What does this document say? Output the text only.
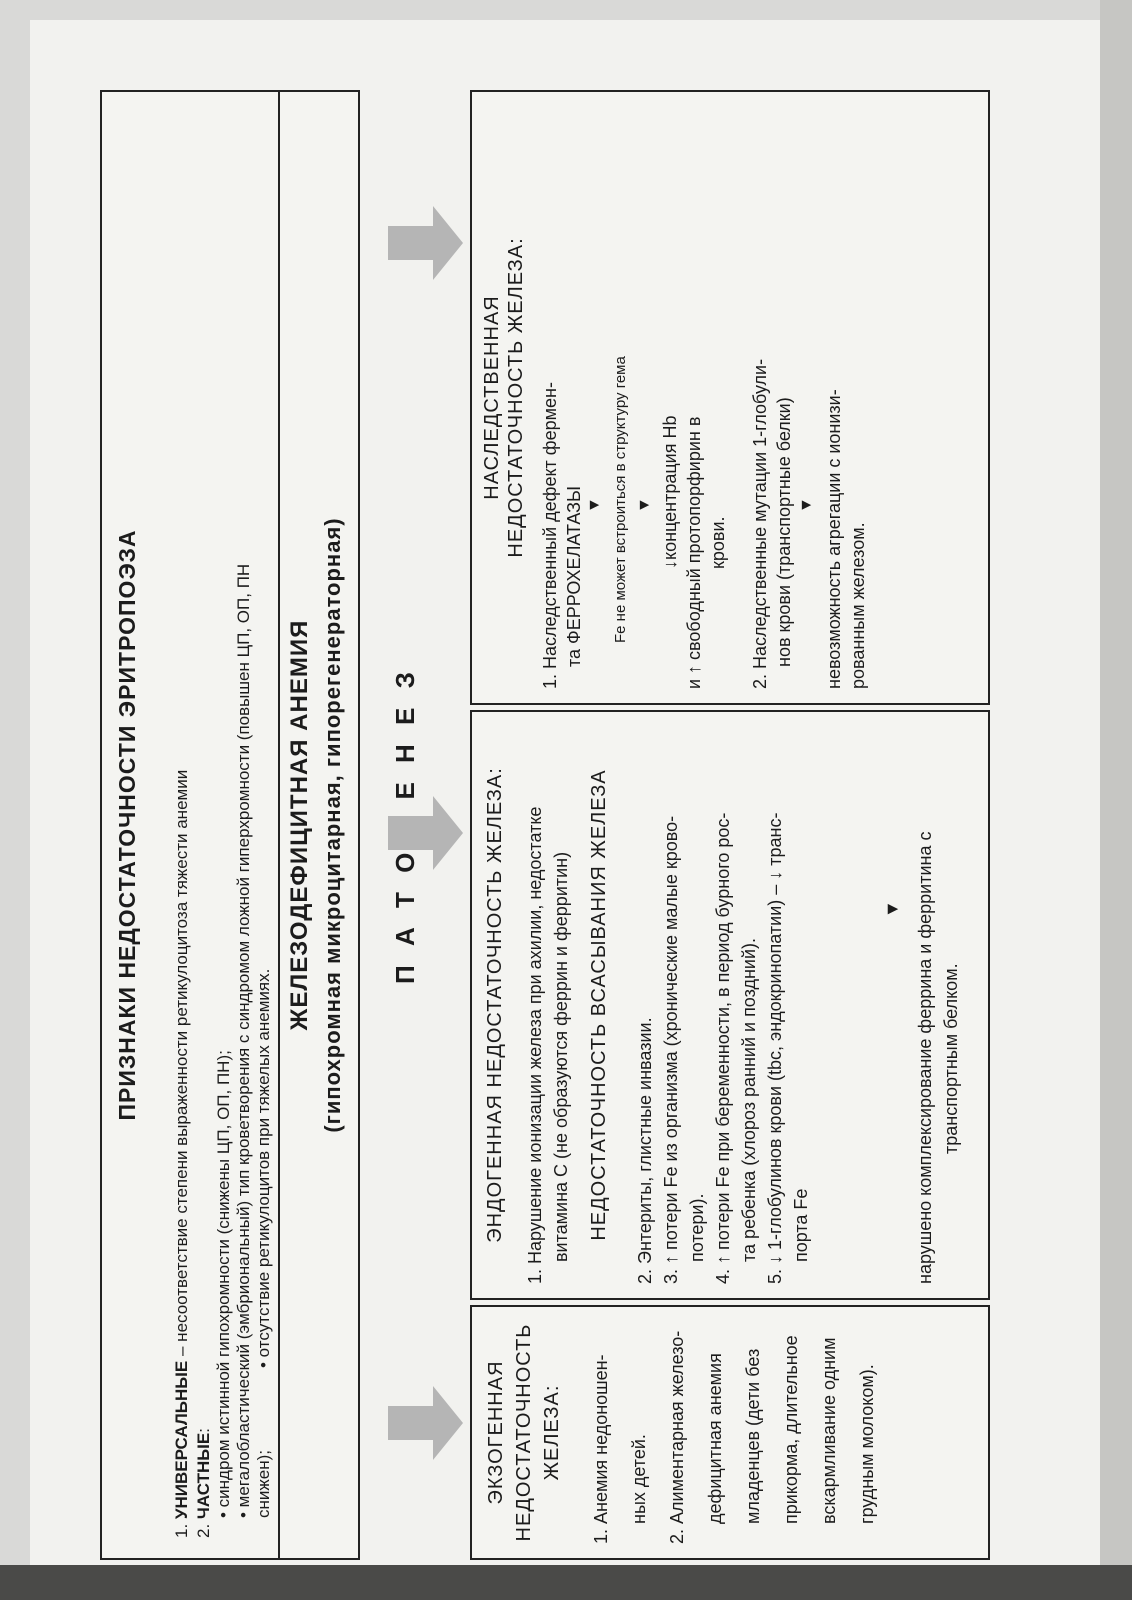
ПРИЗНАКИ НЕДОСТАТОЧНОСТИ ЭРИТРОПОЭЗА
1. УНИВЕРСАЛЬНЫЕ – несоответствие степени выраженности ретикулоцитоза тяжести анемии
2. ЧАСТНЫЕ: • синдром истинной гипохромности (снижены ЦП, ОП, ПН); • мегалобластический (эмбриональный) тип кроветворения с синдромом ложной гиперхромности (повышен ЦП, ОП, ПН снижен);
• отсутствие ретикулоцитов при тяжелых анемиях.
ЖЕЛЕЗОДЕФИЦИТНАЯ АНЕМИЯ (гипохромная микроцитарная, гипорегенераторная)
ЭКЗОГЕННАЯ НЕДОСТАТОЧНОСТЬ ЖЕЛЕЗА:	1. Анемия недоношен-	ных детей.	2. Алиментарная железо-	дефицитная анемия	младенцев (дети без	прикорма, длительное	вскармливание одним	грудным молоком).
ЭНДОГЕННАЯ НЕДОСТАТОЧНОСТЬ ЖЕЛЕЗА: 1. Нарушение ионизации железа при ахилии, недостатке витамина С (не образуются феррин и ферритин) НЕДОСТАТОЧНОСТЬ ВСАСЫВАНИЯ ЖЕЛЕЗА 2. Энтериты, глистные инвазии. 3. ↑ потери Fe из организма (хронические малые крово- потери). 4. ↑ потери Fe при беременности, в период бурного рос- та ребенка (хлороз ранний и поздний). 5. ↓ 1-глобулинов крови (tbc, эндокринопатии) – ↓ транс- порта Fe
▼ нарушено комплексирование феррина и ферритина с транспортным белком.
НАСЛЕДСТВЕННАЯ НЕДОСТАТОЧНОСТЬ ЖЕЛЕЗА: 1. Наследственный дефект фермен- та ФЕРРОХЕЛАТАЗЫ ▼ Fe не может встроиться в структуру гема ▼ ↓концентрация Hb и ↑ свободный протопорфирин в крови. 2. Наследственные мутации 1-глобули- нов крови (транспортные белки) ▼ невозможность агрегации с ионизи- рованным железом.
